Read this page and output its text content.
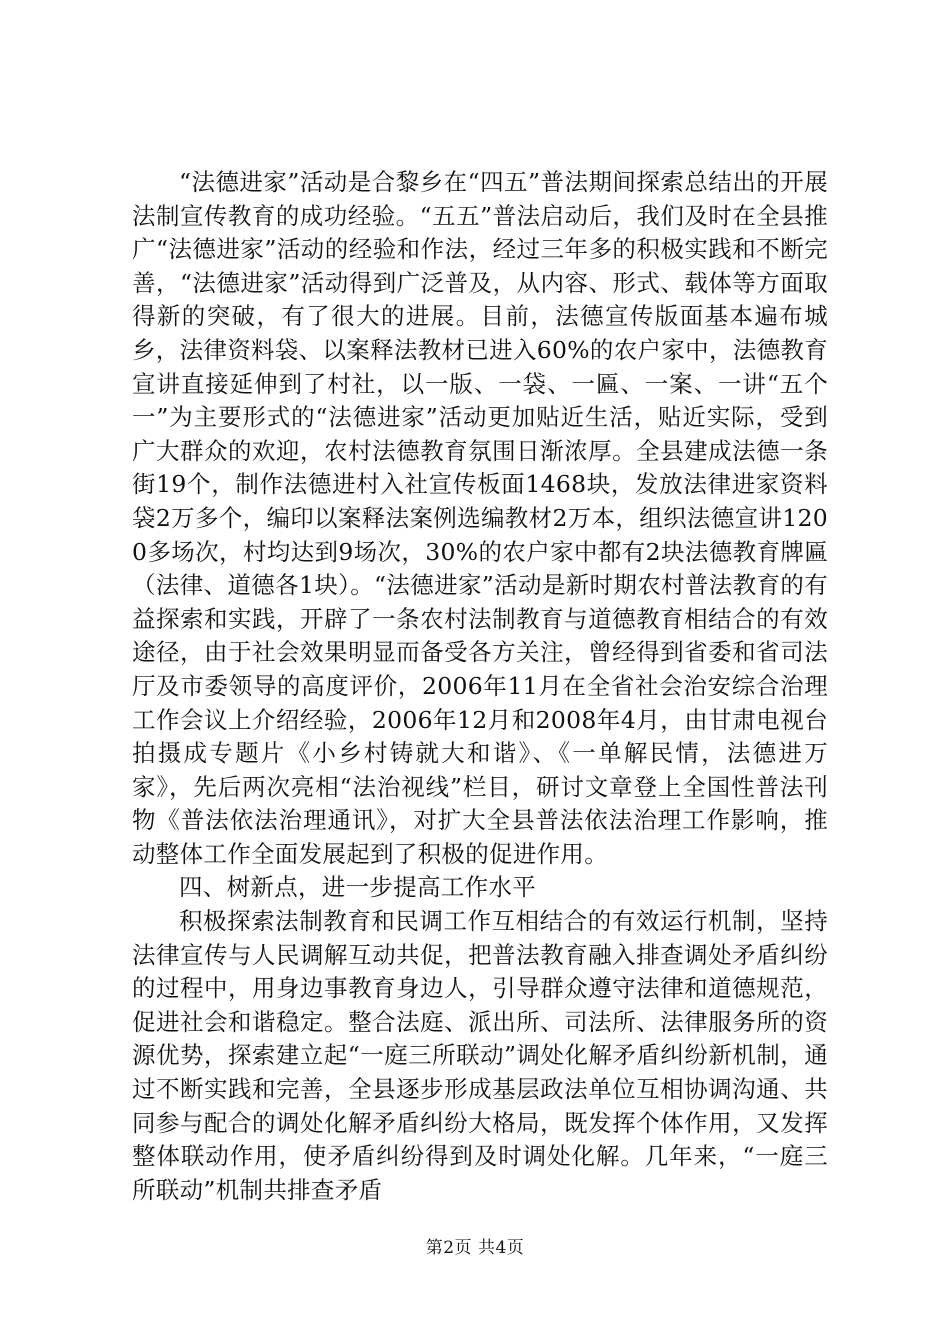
“法德进家”活动是合黎乡在“四五”普法期间探索总结出的开展法制宣传教育的成功经验。“五五”普法启动后，我们及时在全县推广“法德进家”活动的经验和作法，经过三年多的积极实践和不断完善，“法德进家”活动得到广泛普及，从内容、形式、载体等方面取得新的突破，有了很大的进展。目前，法德宣传版面基本遍布城乡，法律资料袋、以案释法教材已进入60%的农户家中，法德教育宣讲直接延伸到了村社，以一版、一袋、一匾、一案、一讲“五个一”为主要形式的“法德进家”活动更加贴近生活，贴近实际，受到广大群众的欢迎，农村法德教育氛围日渐浓厚。全县建成法德一条街19个，制作法德进村入社宣传板面1468块，发放法律进家资料袋2万多个，编印以案释法案例选编教材2万本，组织法德宣讲1200多场次，村均达到9场次，30%的农户家中都有2块法德教育牌匾（法律、道德各1块）。“法德进家”活动是新时期农村普法教育的有益探索和实践，开辟了一条农村法制教育与道德教育相结合的有效途径，由于社会效果明显而备受各方关注，曾经得到省委和省司法厅及市委领导的高度评价，2006年11月在全省社会治安综合治理工作会议上介绍经验，2006年12月和2008年4月，由甘肃电视台拍摄成专题片《小乡村铸就大和谐》、《一单解民情，法德进万家》，先后两次亮相“法治视线”栏目，研讨文章登上全国性普法刊物《普法依法治理通讯》，对扩大全县普法依法治理工作影响，推动整体工作全面发展起到了积极的促进作用。

四、树新点，进一步提高工作水平

积极探索法制教育和民调工作互相结合的有效运行机制，坚持法律宣传与人民调解互动共促，把普法教育融入排查调处矛盾纠纷的过程中，用身边事教育身边人，引导群众遵守法律和道德规范，促进社会和谐稳定。整合法庭、派出所、司法所、法律服务所的资源优势，探索建立起“一庭三所联动”调处化解矛盾纠纷新机制，通过不断实践和完善，全县逐步形成基层政法单位互相协调沟通、共同参与配合的调处化解矛盾纠纷大格局，既发挥个体作用，又发挥整体联动作用，使矛盾纠纷得到及时调处化解。几年来，“一庭三所联动”机制共排查矛盾

第2页 共4页
